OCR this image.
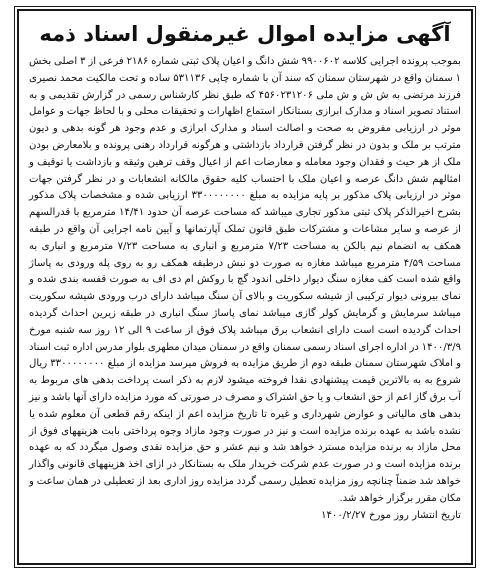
آگهی مزایده اموال غیرمنقول اسناد ذمه

بموجب پرونده اجرایی کلاسه ۹۹۰۰۶۰۲ شش دانگ و اعیان پلاک ثبتی شماره ۲۱۸۶ فرعی از ۳ اصلی بخش ۱ سمنان واقع در شهرستان سمنان که سند آن با شماره چاپی ۵۳۱۱۳۶ ساده و تحت مالکیت محمد نصیری فرزند مرتضی به ش ش و ش ملی ۴۵۶۰۲۳۱۲۰۶ که طبق نظر کارشناس رسمی در گزارش تقدیمی و به استناد تصویر اسناد و مدارک ابرازی بستانکار استماع اظهارات و تحقیقات محلی و با لحاظ جهات و عوامل موثر در ارزیابی مفروض به صحت و اصالت اسناد و مدارک ابرازی و عدم وجود هر گونه بدهی و دیون مترتب بر ملک و بدون در نظر گرفتن قرارداد بازداشتی و هرگونه قرارداد رهنی پرونده و بلامعارض بودن ملک از هر حیث و فقدان وجود معامله و معارضات اعم از اعیال وقف ترهین وثیقه و بازداشت یا توقیف و امثالهم شش دانگ عرصه و اعیان ملک با احتساب کلیه حقوق مالکانه انشعابات و در نظر گرفتن جهات موثر در ارزیابی پلاک مذکور بر پایه مزایده به مبلغ ۳۳۰۰۰۰۰۰۰۰ ارزیابی شده و مشخصات پلاک مذکور بشرح اخیرالذکر پلاک ثبتی مذکور تجاری میباشد که مساحت عرصه آن حدود ۱۴/۴۱ مترمربع با قدرالسهم از عرصه و سایر مشاعات و مشترکات طبق قانون تملک آپارتمانها و آیین نامه اجرایی آن واقع در طبقه همکف به انضمام نیم بالکن به مساحت ۷/۲۳ مترمربع و انباری به مساحت ۷/۲۳ مترمربع و انباری به مساحت ۴/۵۹ مترمربع میباشد مغازه به صورت دو نبش درطبقه همکف رو به روی پله ورودی به پاساژ واقع شده است کف مغازه سنگ دیوار داخلی اندود گچ با روکش ام دی اف به صورت قفسه بندی شده و نمای بیرونی دیوار ترکیبی از شیشه سکوریت و بالای آن سنگ میباشد دارای درب ورودی شیشه سکوریت میباشد سرمایش و گرمایش کولر گازی میباشد نمای پاساژ سنگ انباری در طبقه زیرین احداث گردیده احداث گردیده است است دارای انشعاب برق میباشد پلاک فوق از ساعت ۹ الی ۱۲ روز سه شنبه مورخ ۱۴۰۰/۳/۹ در اداره اجرای اسناد رسمی سمنان واقع در سمنان میدان مطهری بلوار مدرس اداره ثبت اسناد و املاک شهرستان سمنان طبقه دوم از طریق مزایده به فروش میرسد مزایده از مبلغ ۳۳۰۰۰۰۰۰۰۰ ریال شروع به به بالاترین قیمت پیشنهادی نقدا فروخته میشود لازم به ذکر است پرداخت بدهی های مربوط به آب برق گاز اعم از حق انشعاب و یا حق اشتراک و مصرف در صورتی که مورد مزایده دارای آنها باشد و نیز بدهی های مالیاتی و عوارض شهرداری و غیره تا تاریخ مزایده اعم از اینکه رقم قطعی آن معلوم شده یا نشده باشد به عهده برنده مزایده است و نیز در صورت وجود مازاد وجوه پرداختی بابت هزینههای فوق از محل مازاد به برنده مزایده مسترد خواهد شد و نیم عشر و حق مزایده نقدی وصول میگردد که به عهده برنده مزایده است و در صورت عدم شرکت خریدار ملک به بستانکار در ازای اخذ هزینههای قانونی واگذار خواهد شد ضمناً چنانچه روز مزایده تعطیل رسمی گردد مزایده روز اداری بعد از تعطیلی در همان ساعت و مکان مقرر برگزار خواهد شد.

تاریخ انتشار روز مورخ ۱۴۰۰/۲/۲۷
